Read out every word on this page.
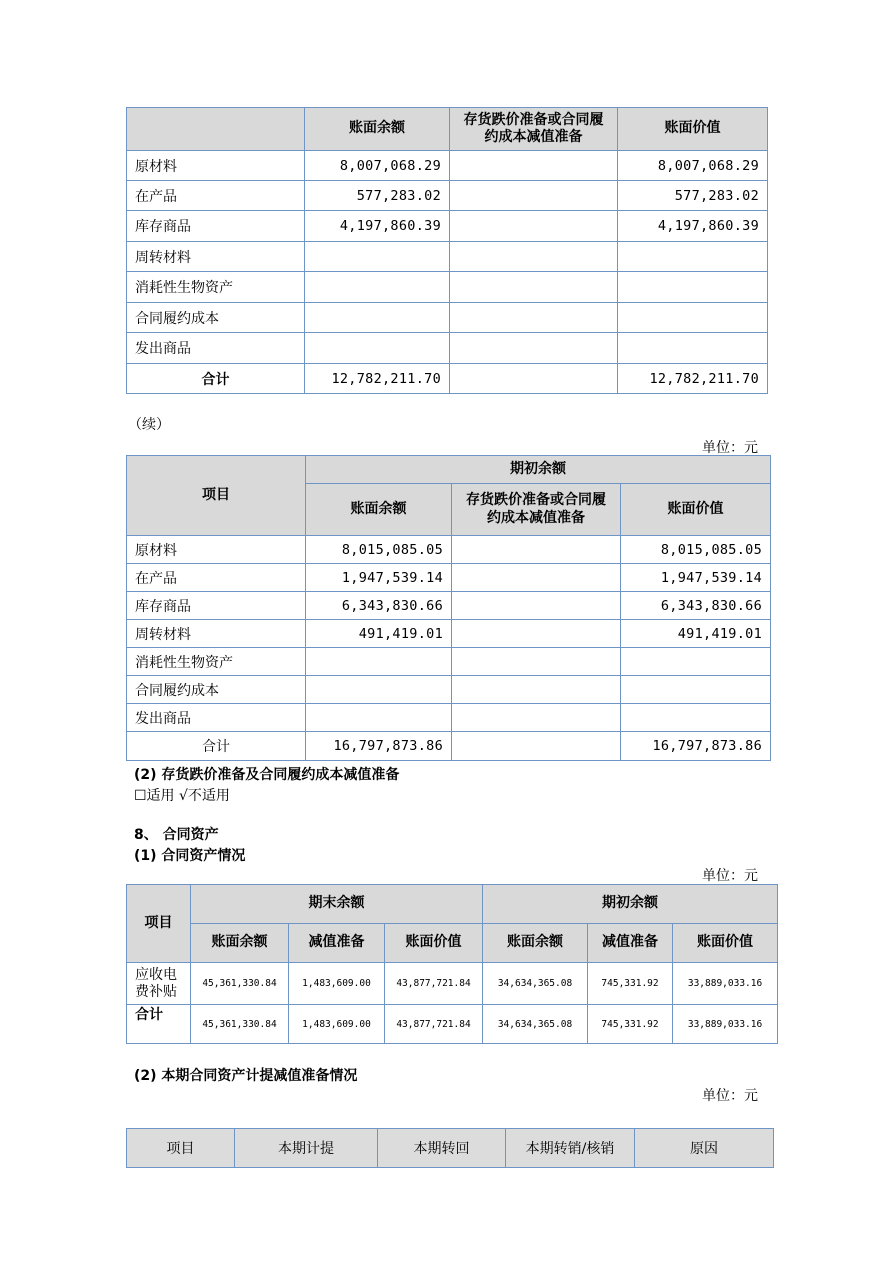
	账面余额	存货跌价准备或合同履约成本减值准备	账面价值
原材料	8,007,068.29		8,007,068.29
在产品	577,283.02		577,283.02
库存商品	4,197,860.39		4,197,860.39
周转材料			
消耗性生物资产			
合同履约成本			
发出商品			
合计	12,782,211.70		12,782,211.70
（续）
单位：元
项目	期初余额		
	账面余额	存货跌价准备或合同履约成本减值准备	账面价值
原材料	8,015,085.05		8,015,085.05
在产品	1,947,539.14		1,947,539.14
库存商品	6,343,830.66		6,343,830.66
周转材料	491,419.01		491,419.01
消耗性生物资产			
合同履约成本			
发出商品			
合计	16,797,873.86		16,797,873.86
(2) 存货跌价准备及合同履约成本减值准备
☐适用 √不适用
8、 合同资产
(1) 合同资产情况
单位：元
项目	期末余额			期初余额		
	账面余额	减值准备	账面价值	账面余额	减值准备	账面价值
应收电费补贴	45,361,330.84	1,483,609.00	43,877,721.84	34,634,365.08	745,331.92	33,889,033.16
合计	45,361,330.84	1,483,609.00	43,877,721.84	34,634,365.08	745,331.92	33,889,033.16
(2) 本期合同资产计提减值准备情况
单位：元
项目	本期计提	本期转回	本期转销/核销	原因
